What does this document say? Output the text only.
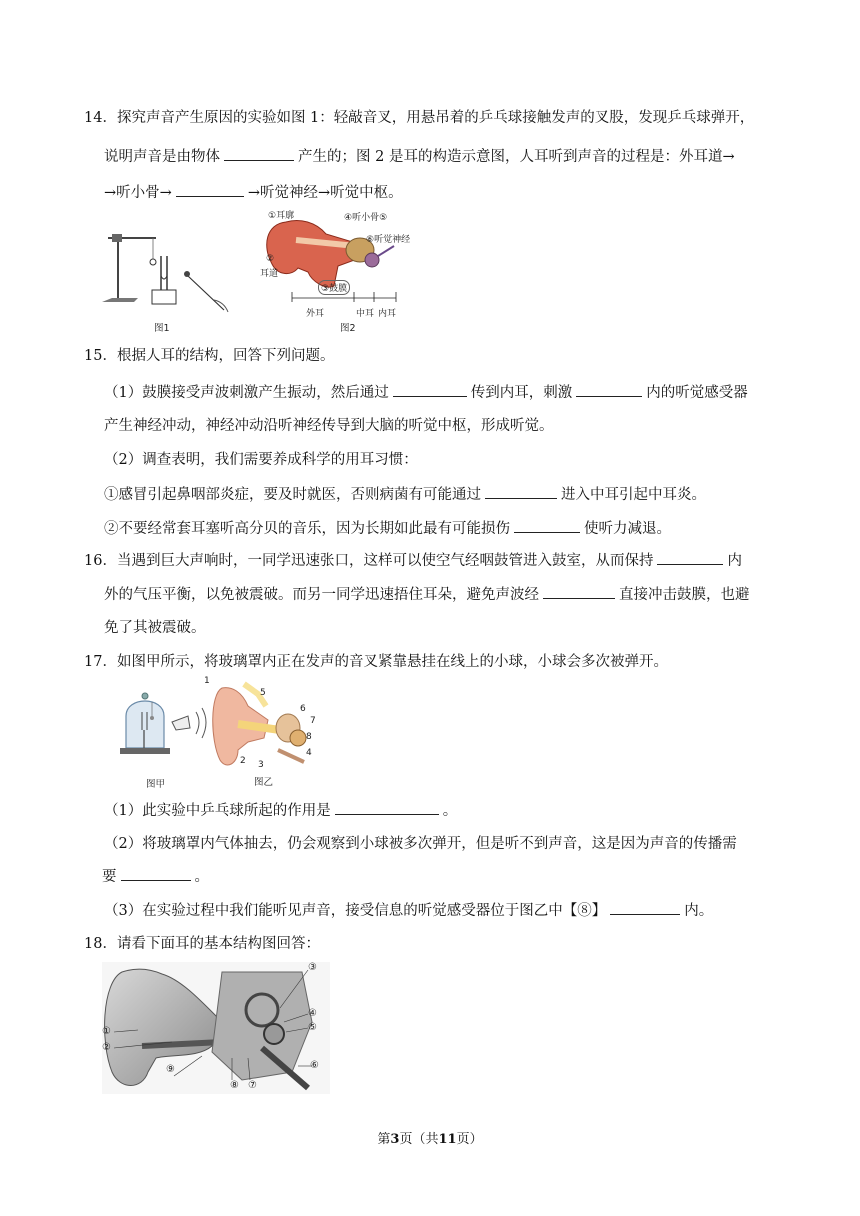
14．探究声音产生原因的实验如图 1：轻敲音叉，用悬吊着的乒乓球接触发声的叉股，发现乒乓球弹开，
说明声音是由物体	产生的；图 2 是耳的构造示意图，人耳听到声音的过程是：外耳道→
→听小骨→	→听觉神经→听觉中枢。
图1
①耳廓	④听小骨⑤
⑥听觉神经
②
耳道
③鼓膜
外耳	中耳 内耳
图2
15．根据人耳的结构，回答下列问题。
（1）鼓膜接受声波刺激产生振动，然后通过	传到内耳，刺激	内的听觉感受器
产生神经冲动，神经冲动沿听神经传导到大脑的听觉中枢，形成听觉。
（2）调查表明，我们需要养成科学的用耳习惯：
①感冒引起鼻咽部炎症，要及时就医，否则病菌有可能通过	进入中耳引起中耳炎。
②不要经常套耳塞听高分贝的音乐，因为长期如此最有可能损伤	使听力减退。
16．当遇到巨大声响时，一同学迅速张口，这样可以使空气经咽鼓管进入鼓室，从而保持	内
外的气压平衡，以免被震破。而另一同学迅速捂住耳朵，避免声波经	直接冲击鼓膜，也避
免了其被震破。
17．如图甲所示，将玻璃罩内正在发声的音叉紧靠悬挂在线上的小球，小球会多次被弹开。
图甲
1
2 3
4
5
6
7
8
图乙
（1）此实验中乒乓球所起的作用是	。
（2）将玻璃罩内气体抽去，仍会观察到小球被多次弹开，但是听不到声音，这是因为声音的传播需
要	。
（3）在实验过程中我们能听见声音，接受信息的听觉感受器位于图乙中【⑧】	内。
18．请看下面耳的基本结构图回答：
③
④
⑤
①
②
⑧ ⑦
⑨	⑥
第3页（共11页）
